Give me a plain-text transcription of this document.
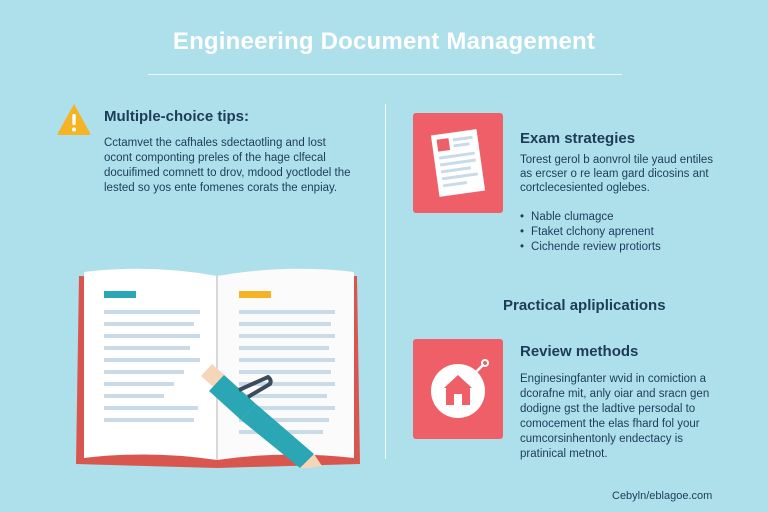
Engineering Document Management
Multiple-choice tips:
Cctamvet the cafhales sdectaotling and lost ocont componting preles of the hage clfecal docuifimed comnett to drov, mdood yoctlodel the lested so yos ente fomenes corats the enpiay.
Exam strategies
Torest gerol b aonvrol tile yaud entiles as ercser o re leam gard dicosins ant cortclecesiented oglebes.
• Nable clumagce
• Ftaket clchony aprenent
• Cichende review protiorts
Practical apliplications
Review methods
Enginesingfanter wvid in comiction a dcorafne mit, anly oiar and sracn gen dodigne gst the ladtive persodal to comocement the elas fhard fol your cumcorsinhentonly endectacy is pratinical metnot.
Cebyln/eblagoe.com
